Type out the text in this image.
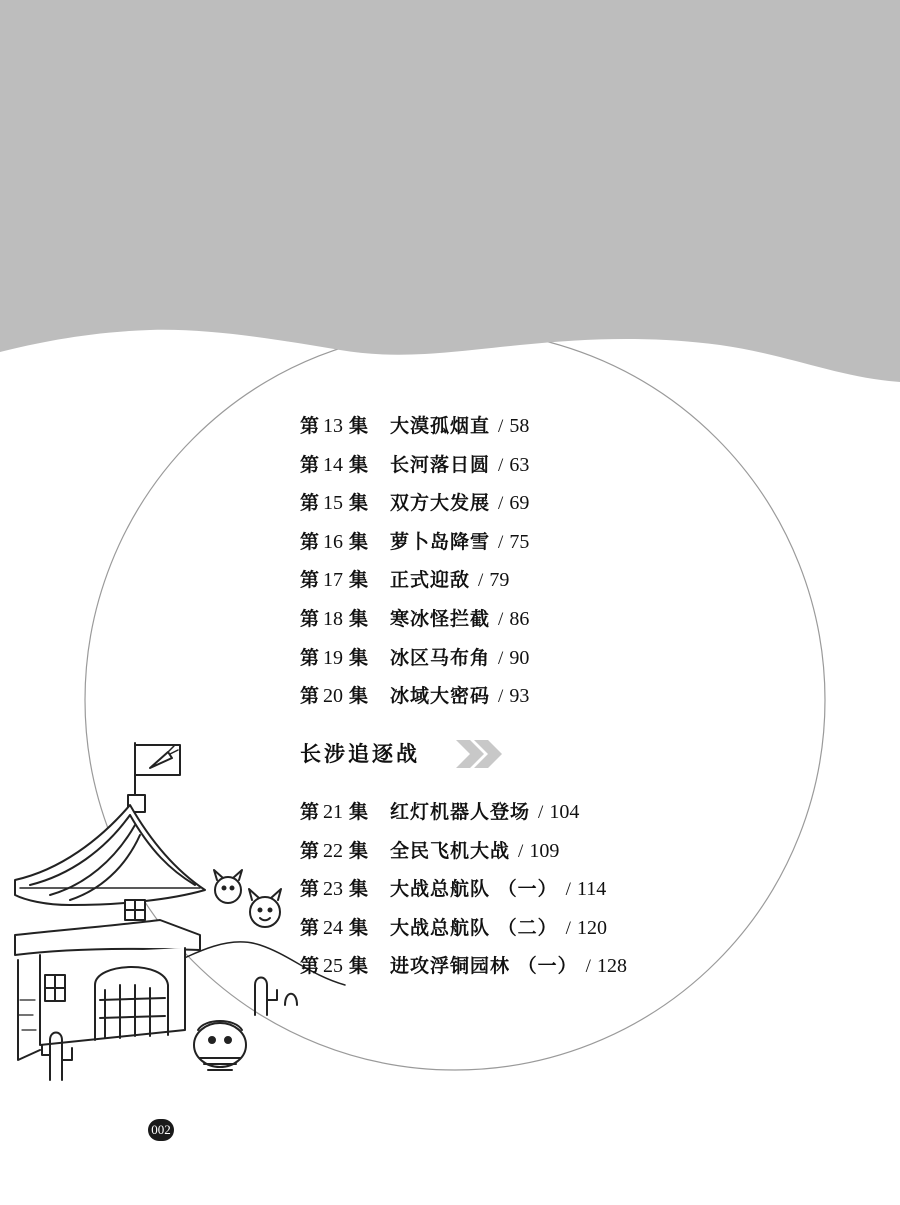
第 13 集 大漠孤烟直 / 58
第 14 集 长河落日圆 / 63
第 15 集 双方大发展 / 69
第 16 集 萝卜岛降雪 / 75
第 17 集 正式迎敌 / 79
第 18 集 寒冰怪拦截 / 86
第 19 集 冰区马布角 / 90
第 20 集 冰域大密码 / 93
长涉追逐战
第 21 集 红灯机器人登场 / 104
第 22 集 全民飞机大战 / 109
第 23 集 大战总航队 （一） / 114
第 24 集 大战总航队 （二） / 120
第 25 集 进攻浮铜园林 （一） / 128
002
